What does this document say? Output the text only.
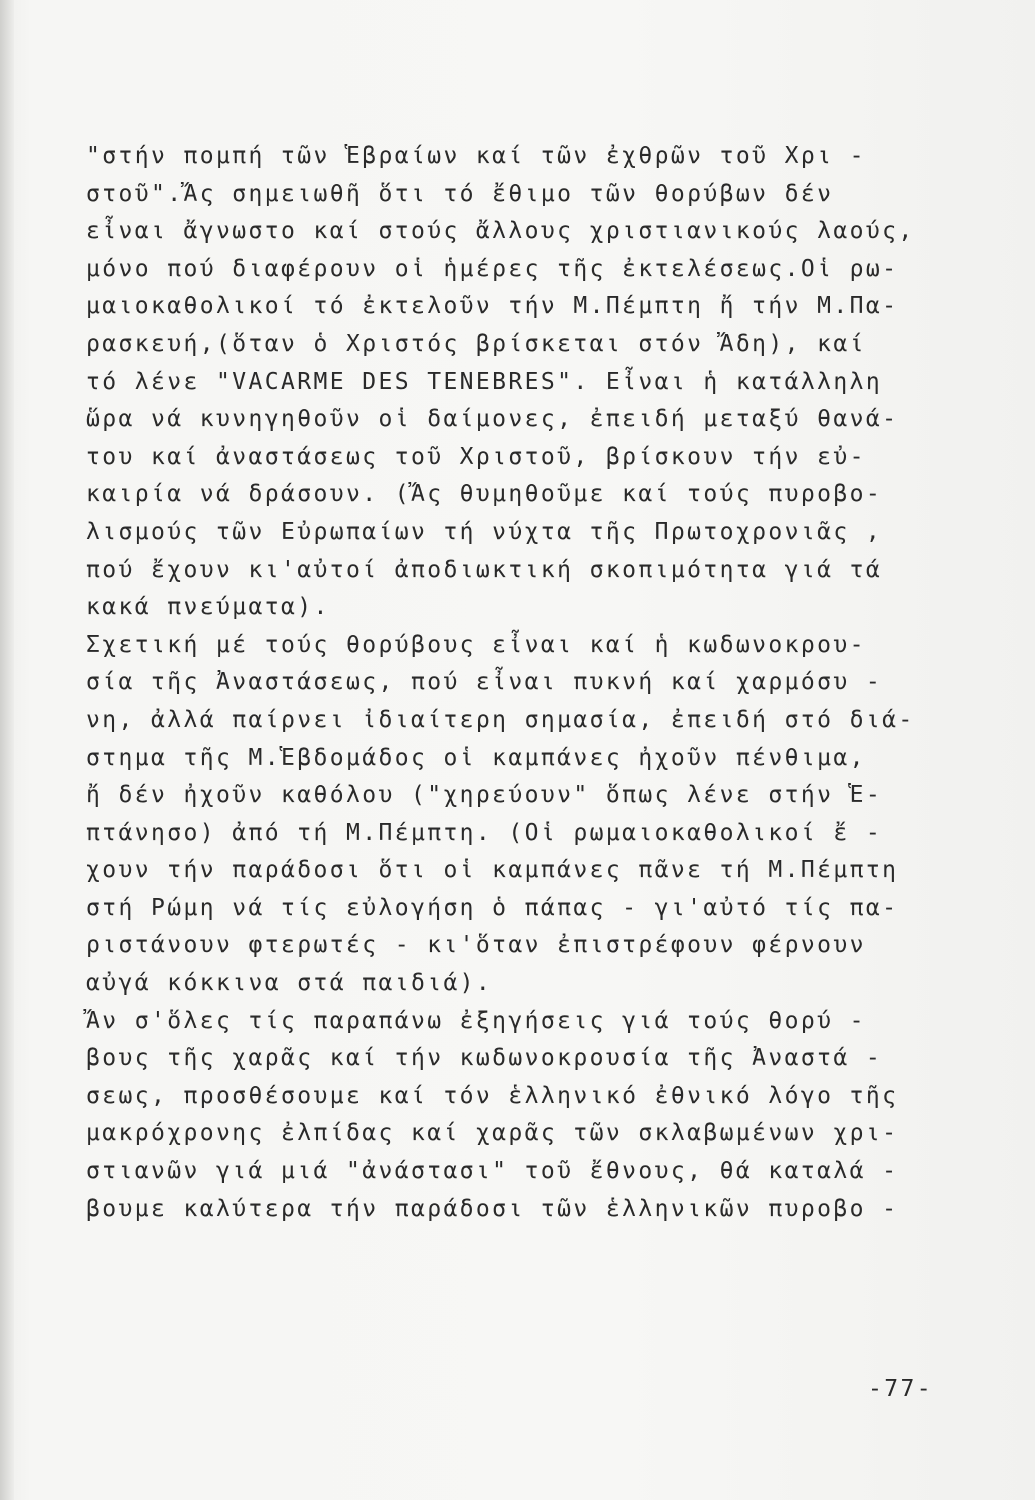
"στήν πομπή τῶν Ἑβραίων καί τῶν ἐχθρῶν τοῦ Χρι -
στοῦ".Ἄς σημειωθῆ ὅτι τό ἔθιμο τῶν θορύβων δέν
εἶναι ἄγνωστο καί στούς ἄλλους χριστιανικούς λαούς,
μόνο πού διαφέρουν οἱ ἡμέρες τῆς ἐκτελέσεως.Οἱ ρω-
μαιοκαθολικοί τό ἐκτελοῦν τήν Μ.Πέμπτη ἤ τήν Μ.Πα-
ρασκευή,(ὅταν ὁ Χριστός βρίσκεται στόν Ἄδη), καί
τό λένε "VACARME DES TENEBRES". Εἶναι ἡ κατάλληλη
ὥρα νά κυνηγηθοῦν οἱ δαίμονες, ἐπειδή μεταξύ θανά-
του καί ἀναστάσεως τοῦ Χριστοῦ, βρίσκουν τήν εὐ-
καιρία νά δράσουν. (Ἄς θυμηθοῦμε καί τούς πυροβο-
λισμούς τῶν Εὐρωπαίων τή νύχτα τῆς Πρωτοχρονιᾶς ,
πού ἔχουν κι'αὐτοί ἀποδιωκτική σκοπιμότητα γιά τά
κακά πνεύματα).
Σχετική μέ τούς θορύβους εἶναι καί ἡ κωδωνοκρου-
σία τῆς Ἀναστάσεως, πού εἶναι πυκνή καί χαρμόσυ -
νη, ἀλλά παίρνει ἰδιαίτερη σημασία, ἐπειδή στό διά-
στημα τῆς Μ.Ἑβδομάδος οἱ καμπάνες ἠχοῦν πένθιμα,
ἤ δέν ἠχοῦν καθόλου ("χηρεύουν" ὅπως λένε στήν Ἑ-
πτάνησο) ἀπό τή Μ.Πέμπτη. (Οἱ ρωμαιοκαθολικοί ἔ -
χουν τήν παράδοσι ὅτι οἱ καμπάνες πᾶνε τή Μ.Πέμπτη
στή Ρώμη νά τίς εὐλογήση ὁ πάπας - γι'αὐτό τίς πα-
ριστάνουν φτερωτές - κι'ὅταν ἐπιστρέφουν φέρνουν
αὐγά κόκκινα στά παιδιά).
Ἄν σ'ὅλες τίς παραπάνω ἐξηγήσεις γιά τούς θορύ -
βους τῆς χαρᾶς καί τήν κωδωνοκρουσία τῆς Ἀναστά -
σεως, προσθέσουμε καί τόν ἑλληνικό ἐθνικό λόγο τῆς
μακρόχρονης ἐλπίδας καί χαρᾶς τῶν σκλαβωμένων χρι-
στιανῶν γιά μιά "ἀνάστασι" τοῦ ἔθνους, θά καταλά -
βουμε καλύτερα τήν παράδοσι τῶν ἑλληνικῶν πυροβο -
-77-
